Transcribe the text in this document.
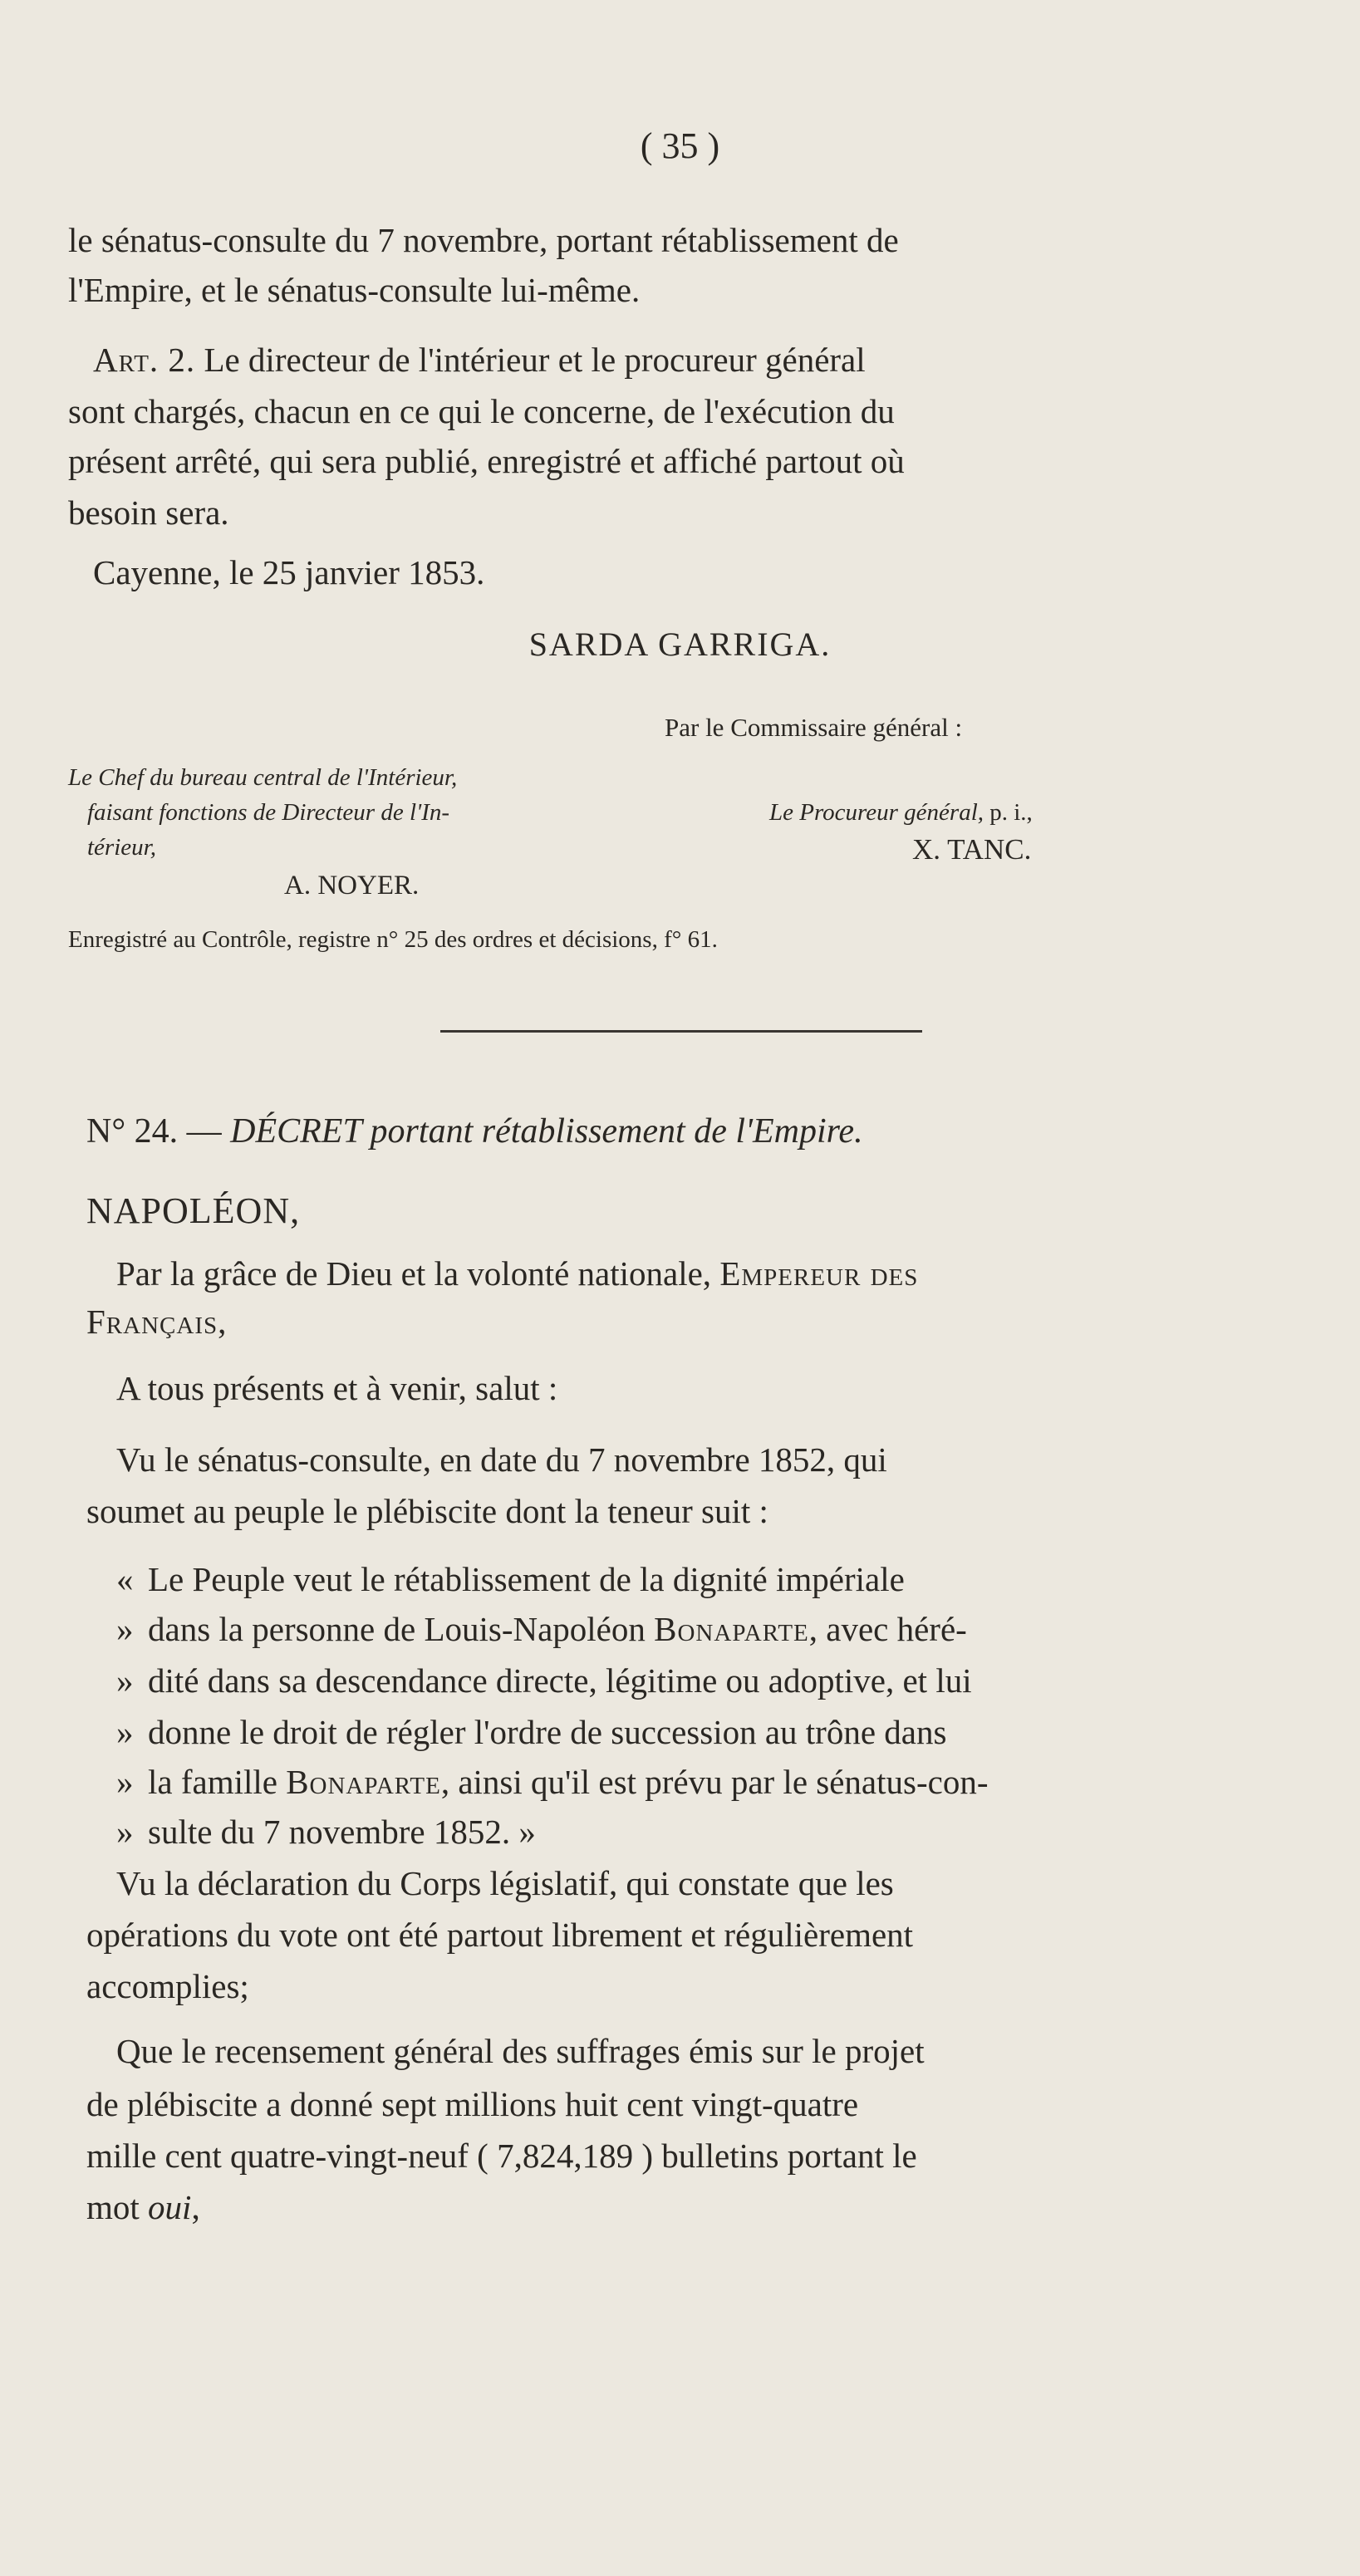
( 35 )
le sénatus-consulte du 7 novembre, portant rétablissement de
l'Empire, et le sénatus-consulte lui-même.
Art. 2. Le directeur de l'intérieur et le procureur général
sont chargés, chacun en ce qui le concerne, de l'exécution du
présent arrêté, qui sera publié, enregistré et affiché partout où
besoin sera.
Cayenne, le 25 janvier 1853.
SARDA GARRIGA.
Par le Commissaire général :
Le Chef du bureau central de l'Intérieur,
faisant fonctions de Directeur de l'In-
térieur,
A. NOYER.
Le Procureur général, p. i.,
X. TANC.
Enregistré au Contrôle, registre n° 25 des ordres et décisions, f° 61.
N° 24. — DÉCRET portant rétablissement de l'Empire.
NAPOLÉON,
Par la grâce de Dieu et la volonté nationale, Empereur des
Français,
A tous présents et à venir, salut :
Vu le sénatus-consulte, en date du 7 novembre 1852, qui
soumet au peuple le plébiscite dont la teneur suit :
« Le Peuple veut le rétablissement de la dignité impériale
» dans la personne de Louis-Napoléon Bonaparte, avec héré-
» dité dans sa descendance directe, légitime ou adoptive, et lui
» donne le droit de régler l'ordre de succession au trône dans
» la famille Bonaparte, ainsi qu'il est prévu par le sénatus-con-
» sulte du 7 novembre 1852. »
Vu la déclaration du Corps législatif, qui constate que les
opérations du vote ont été partout librement et régulièrement
accomplies;
Que le recensement général des suffrages émis sur le projet
de plébiscite a donné sept millions huit cent vingt-quatre
mille cent quatre-vingt-neuf ( 7,824,189 ) bulletins portant le
mot oui,
